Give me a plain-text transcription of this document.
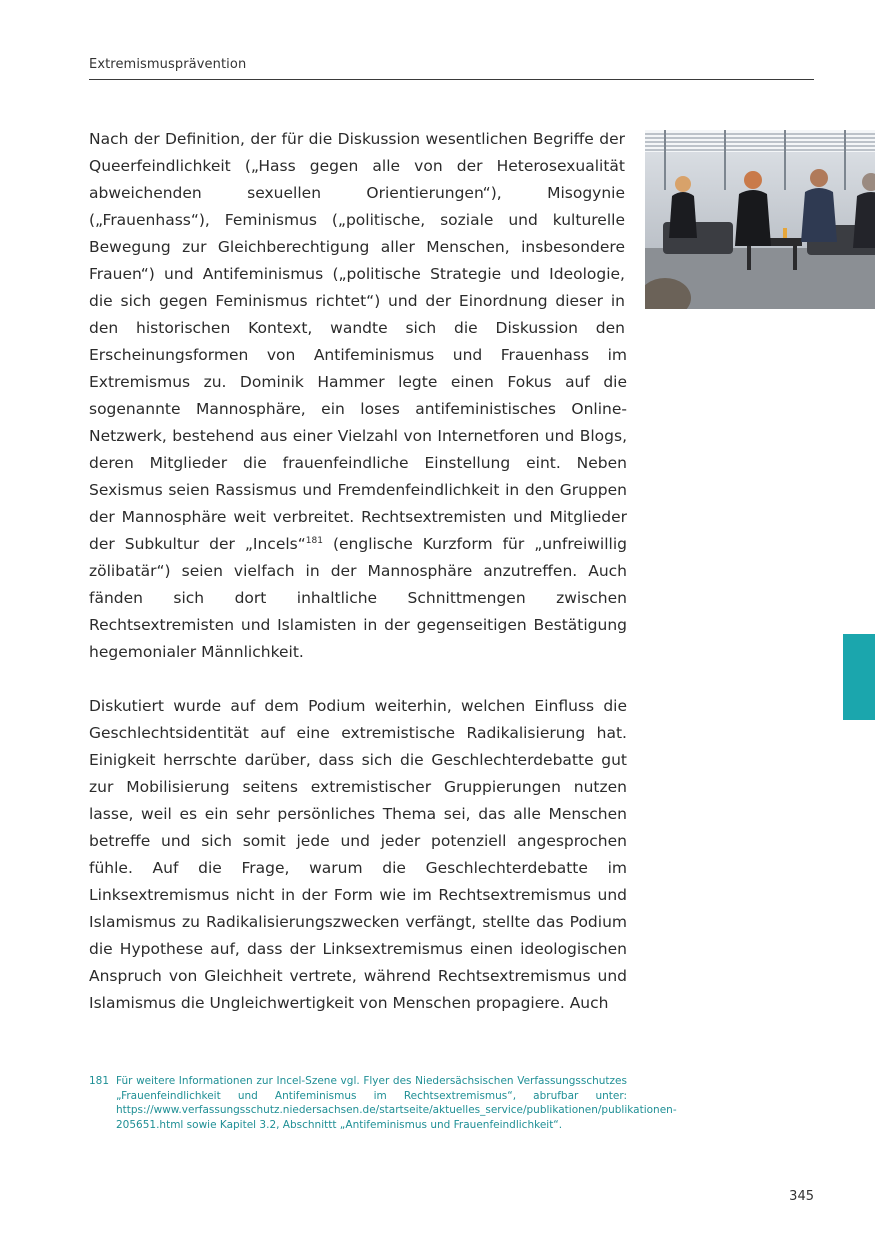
Extremismusprävention

Nach der Definition, der für die Diskussion wesentlichen Begriffe der Queerfeindlichkeit („Hass gegen alle von der Heterosexualität abweichenden sexuellen Orientierungen“), Misogynie („Frauenhass“), Feminismus („politische, soziale und kulturelle Bewegung zur Gleichberechtigung aller Menschen, insbesondere Frauen“) und Antifeminismus („politische Strategie und Ideologie, die sich gegen Feminismus richtet“) und der Einordnung dieser in den historischen Kontext, wandte sich die Diskussion den Erscheinungsformen von Antifeminismus und Frauenhass im Extremismus zu. Dominik Hammer legte einen Fokus auf die sogenannte Mannosphäre, ein loses antifeministisches Online-Netzwerk, bestehend aus einer Vielzahl von Internetforen und Blogs, deren Mitglieder die frauenfeindliche Einstellung eint. Neben Sexismus seien Rassismus und Fremdenfeindlichkeit in den Gruppen der Mannosphäre weit verbreitet. Rechtsextremisten und Mitglieder der Subkultur der „Incels“$^{181}$ (englische Kurzform für „unfreiwillig zölibatär“) seien vielfach in der Mannosphäre anzutreffen. Auch fänden sich dort inhaltliche Schnittmengen zwischen Rechtsextremisten und Islamisten in der gegenseitigen Bestätigung hegemonialer Männlichkeit.

Diskutiert wurde auf dem Podium weiterhin, welchen Einfluss die Geschlechtsidentität auf eine extremistische Radikalisierung hat. Einigkeit herrschte darüber, dass sich die Geschlechterdebatte gut zur Mobilisierung seitens extremistischer Gruppierungen nutzen lasse, weil es ein sehr persönliches Thema sei, das alle Menschen betreffe und sich somit jede und jeder potenziell angesprochen fühle. Auf die Frage, warum die Geschlechterdebatte im Linksextremismus nicht in der Form wie im Rechtsextremismus und Islamismus zu Radikalisierungszwecken verfängt, stellte das Podium die Hypothese auf, dass der Linksextremismus einen ideologischen Anspruch von Gleichheit vertrete, während Rechtsextremismus und Islamismus die Ungleichwertigkeit von Menschen propagiere. Auch

181 Für weitere Informationen zur Incel-Szene vgl. Flyer des Niedersächsischen Verfassungsschutzes „Frauenfeindlichkeit und Antifeminismus im Rechtsextremismus“, abrufbar unter: https://www.verfassungsschutz.niedersachsen.de/startseite/aktuelles_service/publikationen/publikationen-205651.html sowie Kapitel 3.2, Abschnittt „Antifeminismus und Frauenfeindlichkeit“.
345
